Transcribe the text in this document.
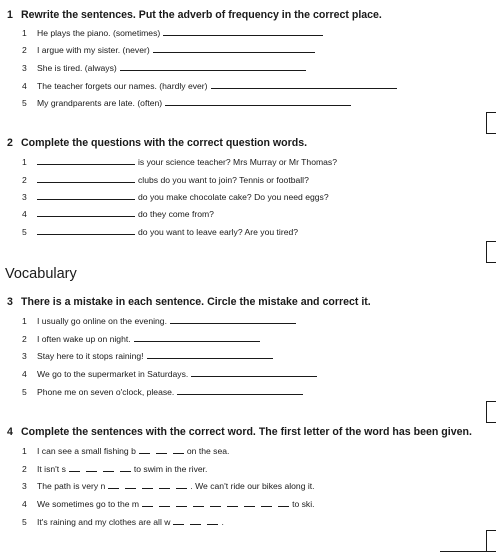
1 Rewrite the sentences. Put the adverb of frequency in the correct place.
1 He plays the piano. (sometimes)
2 I argue with my sister. (never)
3 She is tired. (always)
4 The teacher forgets our names. (hardly ever)
5 My grandparents are late. (often)
2 Complete the questions with the correct question words.
1	is your science teacher? Mrs Murray or Mr Thomas?
2	clubs do you want to join? Tennis or football?
3	do you make chocolate cake? Do you need eggs?
4	do they come from?
5	do you want to leave early? Are you tired?
Vocabulary
3 There is a mistake in each sentence. Circle the mistake and correct it.
1 I usually go online on the evening.
2 I often wake up on night.
3 Stay here to it stops raining!
4 We go to the supermarket in Saturdays.
5 Phone me on seven o'clock, please.
4 Complete the sentences with the correct word. The first letter of the word has been given.
1 I can see a small fishing b	on the sea.
2 It isn't s	to swim in the river.
3 The path is very n	. We can't ride our bikes along it.
4 We sometimes go to the m	to ski.
5 It's raining and my clothes are all w	.
